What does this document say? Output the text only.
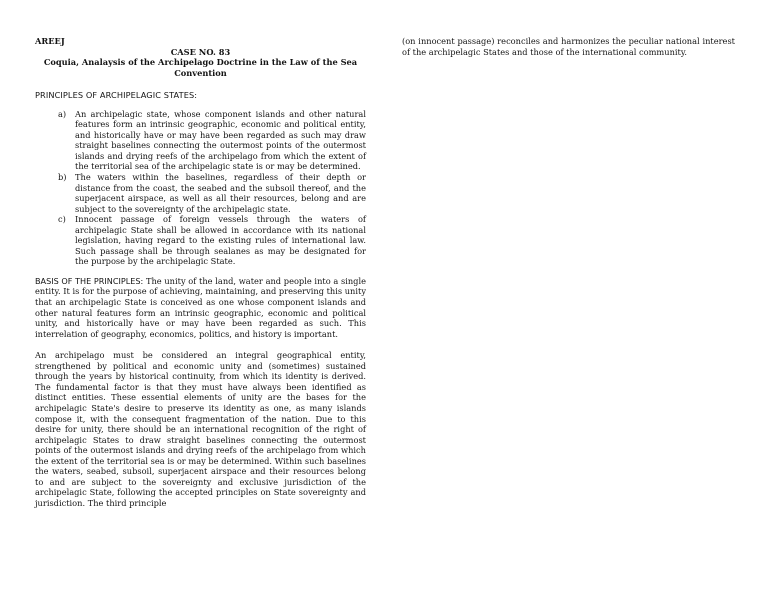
AREEJ

CASE NO. 83

Coquia, Analaysis of the Archipelago Doctrine in the Law of the Sea Convention

PRINCIPLES OF ARCHIPELAGIC STATES:

a)	An archipelagic state, whose component islands and other natural features form an intrinsic geographic, economic and political entity, and historically have or may have been regarded as such may draw straight baselines connecting the outermost points of the outermost islands and drying reefs of the archipelago from which the extent of the territorial sea of the archipelagic state is or may be determined.
b)	The waters within the baselines, regardless of their depth or distance from the coast, the seabed and the subsoil thereof, and the superjacent airspace, as well as all their resources, belong and are subject to the sovereignty of the archipelagic state.
c)	Innocent passage of foreign vessels through the waters of archipelagic State shall be allowed in accordance with its national legislation, having regard to the existing rules of international law. Such passage shall be through sealanes as may be designated for the purpose by the archipelagic State.

BASIS OF THE PRINCIPLES: The unity of the land, water and people into a single entity. It is for the purpose of achieving, maintaining, and preserving this unity that an archipelagic State is conceived as one whose component islands and other natural features form an intrinsic geographic, economic and political unity, and historically have or may have been regarded as such. This interrelation of geography, economics, politics, and history is important.

An archipelago must be considered an integral geographical entity, strengthened by political and economic unity and (sometimes) sustained through the years by historical continuity, from which its identity is derived. The fundamental factor is that they must have always been identified as distinct entities. These essential elements of unity are the bases for the archipelagic State's desire to preserve its identity as one, as many islands compose it, with the consequent fragmentation of the nation. Due to this desire for unity, there should be an international recognition of the right of archipelagic States to draw straight baselines connecting the outermost points of the outermost islands and drying reefs of the archipelago from which the extent of the territorial sea is or may be determined. Within such baselines the waters, seabed, subsoil, superjacent airspace and their resources belong to and are subject to the sovereignty and exclusive jurisdiction of the archipelagic State, following the accepted principles on State sovereignty and jurisdiction. The third principle

(on innocent passage) reconciles and harmonizes the peculiar national interest of the archipelagic States and those of the international community.
